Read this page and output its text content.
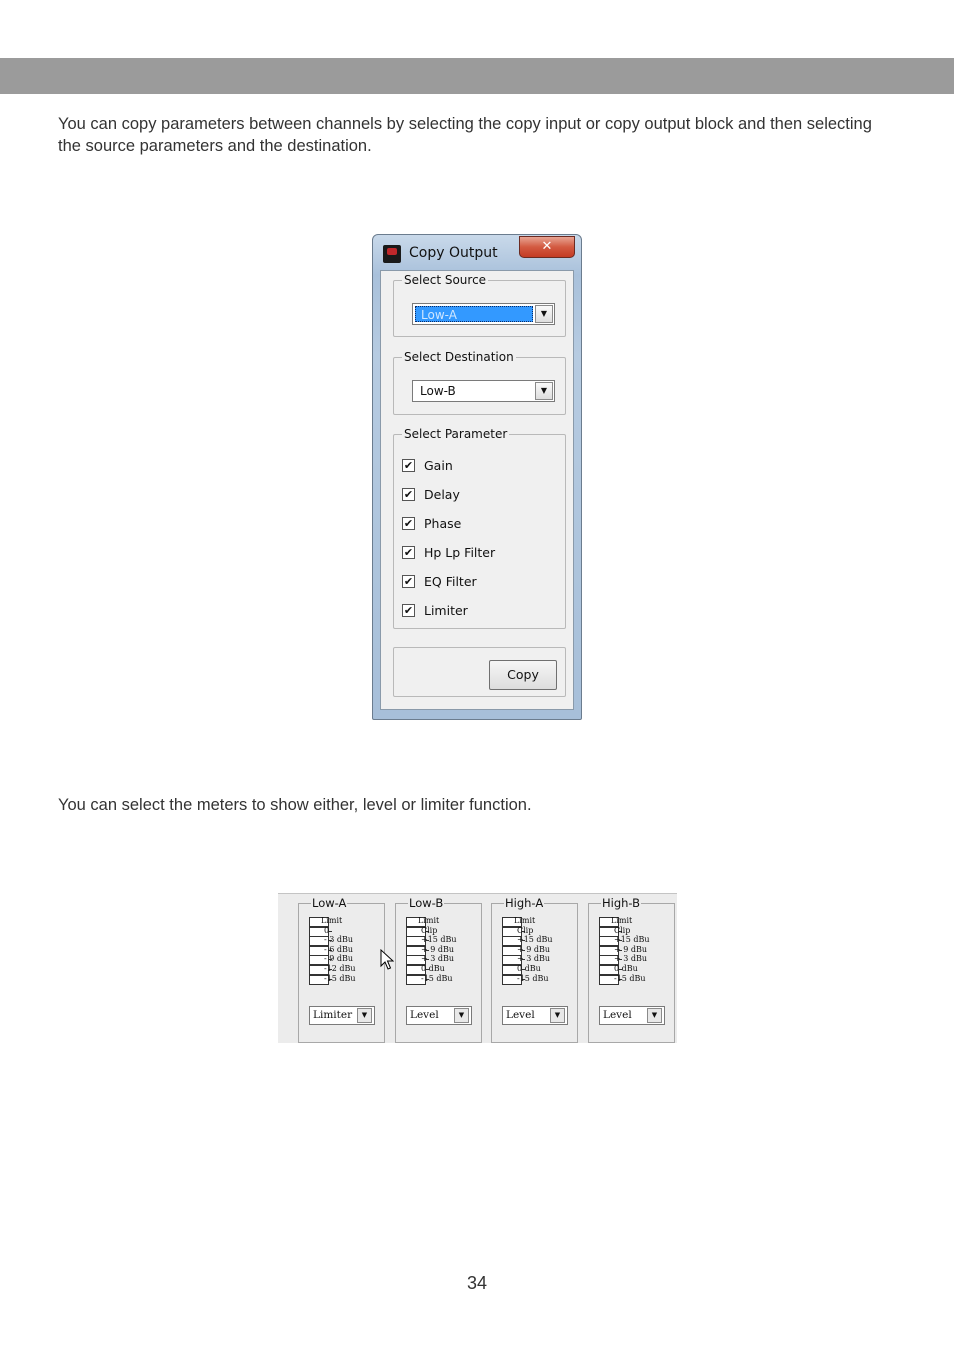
You can copy parameters between channels by selecting the copy input or copy output block and then selecting the source parameters and the destination.

Copy Output	✕
Select Source
Low-A	▼
Select Destination
Low-B	▼
Select Parameter
✔ Gain
✔ Delay
✔ Phase
✔ Hp Lp Filter
✔ EQ Filter
✔ Limiter
Copy

You can select the meters to show either, level or limiter function.

Low-A
Limit
0
- 3 dBu
- 6 dBu
- 9 dBu
-12 dBu
-15 dBu
Limiter	▼
Low-B
Limit
Clip
+15 dBu
+ 9 dBu
+ 3 dBu
0 dBu
-15 dBu
Level	▼
High-A
Limit
Clip
+15 dBu
+ 9 dBu
+ 3 dBu
0 dBu
-15 dBu
Level	▼
High-B
Limit
Clip
+15 dBu
+ 9 dBu
+ 3 dBu
0 dBu
-15 dBu
Level	▼
34
